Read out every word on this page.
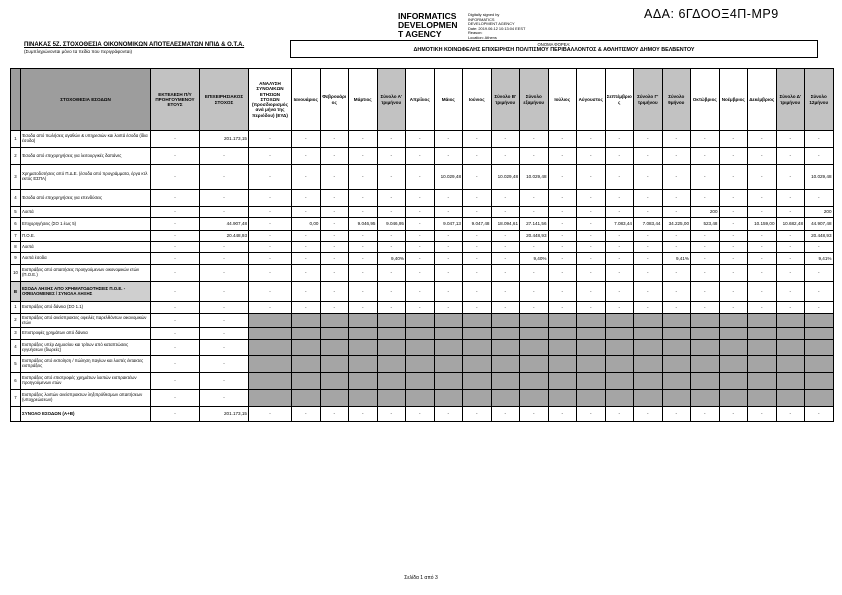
ΑΔΑ: 6ΓΔΟΟΞ4Π-ΜΡ9
INFORMATICS
DEVELOPMEN
T AGENCY
Digitally signed by
INFORMATICS
DEVELOPMENT AGENCY
Date: 2019.06.12 10:13:04 EEST
Reason:
Location: Athens
ΠΙΝΑΚΑΣ 5Ζ. ΣΤΟΧΟΘΕΣΙΑ ΟΙΚΟΝΟΜΙΚΩΝ ΑΠΟΤΕΛΕΣΜΑΤΩΝ ΝΠΙΔ & Ο.Τ.Α.
(Συμπληρώνονται μόνο τα πεδία που περιγράφονται)
ΟΝΟΜΑ ΦΟΡΕΑ:
ΔΗΜΟΤΙΚΗ ΚΟΙΝΩΦΕΛΗΣ ΕΠΙΧΕΙΡΗΣΗ ΠΟΛΙΤΙΣΜΟΥ ΠΕΡΙΒΑΛΛΟΝΤΟΣ & ΑΘΛΗΤΙΣΜΟΥ ΔΗΜΟΥ ΒΕΛΒΕΝΤΟΥ
	ΣΤΟΧΟΘΕΣΙΑ ΕΣΟΔΩΝ	ΕΚΤΕΛΕΣΗ Π/Υ ΠΡΟΗΓΟΥΜΕΝΟΥ ΕΤΟΥΣ	ΕΠΙΧΕΙΡΗΣΙΑΚΟΣ ΣΤΟΧΟΣ	ΑΝΑΛΥΣΗ ΣΥΝΟΛΙΚΩΝ ΕΤΗΣΙΩΝ ΣΤΟΧΩΝ (προσδιορισμός ανά μήνα της περιόδου) (ΕΥΔ)	Ιανουάριος	Φεβρουάριος	Μάρτιος	Σύνολο Α' τριμήνου	Απρίλιος	Μάιος	Ιούνιος	Σύνολο Β' τριμήνου	Σύνολο εξαμήνου	Ιούλιος	Αύγουστος	Σεπτέμβριος	Σύνολο Γ' τριμήνου	Σύνολο 9μήνου	Οκτώβριος	Νοέμβριος	Δεκέμβριος	Σύνολο Δ' τριμήνου	Σύνολο 12μήνου
1	Έσοδα από πωλήσεις αγαθών & υπηρεσιών και λοιπά έσοδα (ίδια έσοδα)	-	201.173,15	-	-	-	-	-	-	-	-	-	-	-	-	-	-	-	-	-	-	-	-
2	Έσοδα από επιχορηγήσεις για λειτουργικές δαπάνες	-	-	-	-	-	-	-	-	-	-	-	-	-	-	-	-	-	-	-	-	-	-
3	Χρηματοδοτήσεις από Π.Δ.Ε. (έσοδα από προγράμματα, έργα κτλ εκτός ΕΣΠΑ)	-	-	-	-	-	-	-	-	10.029,48	-	10.029,48	10.029,48	-	-	-	-	-	-	-	-	-	10.029,48
4	Έσοδα από επιχορηγήσεις για επενδύσεις	-	-	-	-	-	-	-	-	-	-	-	-	-	-	-	-	-	-	-	-	-	-
5	Λοιπά	-	-	-	-	-	-	-	-	-	-	-	-	-	-	-	-	-	200	-	-	-	200
6	Επιχορηγήσεις (ΣΟ 1 έως 5)	-	44.907,48	-	0,00	-	9.046,95	9.046,95	-	9.047,13	9.047,48	18.094,61	27.141,56	-	-	7.083,44	7.083,44	34.225,00	523,48	-	10.159,00	10.682,48	44.907,48
7	Π.Ο.Ε.	-	20.448,93	-	-	-	-	-	-	-	-	-	20.448,93	-	-	-	-	-	-	-	-	-	20.448,93
8	Λοιπά	-	-	-	-	-	-	-	-	-	-	-	-	-	-	-	-	-	-	-	-	-	-
9	Λοιπά έσοδα	-	-	-	-	-	-	9,40%	-	-	-	-	9,40%	-	-	-	-	9,41%	-	-	-	-	9,41%
10	Εισπράξεις από απαιτήσεις προηγούμενων οικονομικών ετών (Π.Ο.Ε.)	-	-	-	-	-	-	-	-	-	-	-	-	-	-	-	-	-	-	-	-	-	-
Β	ΕΣΟΔΑ ΛΗΞΗΣ ΑΠΟ ΧΡΗΜΑΤΟΔΟΤΗΣΕΙΣ Π.Ο.Ε. - ΟΦΕΙΛΟΜΕΝΕΣ / ΣΥΝΟΛΑ ΛΗΞΗΣ	-	-	-	-	-	-	-	-	-	-	-	-	-	-	-	-	-	-	-	-	-	-
1	Εισπράξεις από δάνεια (ΣΟ 1.1)	-	-	-	-	-	-	-	-	-	-	-	-	-	-	-	-	-	-	-	-	-	-
2	Εισπράξεις από ανείσπρακτες οφειλές παρελθόντων οικονομικών ετών	-	-																				
3	Επιστροφές χρημάτων από δάνεια	-	-																				
4	Εισπράξεις υπέρ Δημοσίου και τρίτων από καταπτώσεις εγγυήσεων (δωρεές)	-	-																				
5	Εισπράξεις από εκποίηση / πώληση παγίων και λοιπές έκτακτες εισπράξεις	-	-																				
6	Εισπράξεις από επιστροφές χρημάτων λοιπών εισπρακτέων προηγούμενων ετών	-	-																				
7	Εισπράξεις λοιπών ανείσπρακτων ληξιπρόθεσμων απαιτήσεων (υποχρεώσεων)	-	-																				
	ΣΥΝΟΛΟ ΕΣΟΔΩΝ (Α+Β)	-	201.173,15	-	-	-	-	-	-	-	-	-	-	-	-	-	-	-	-	-	-	-	-
Σελίδα 1 από 3
